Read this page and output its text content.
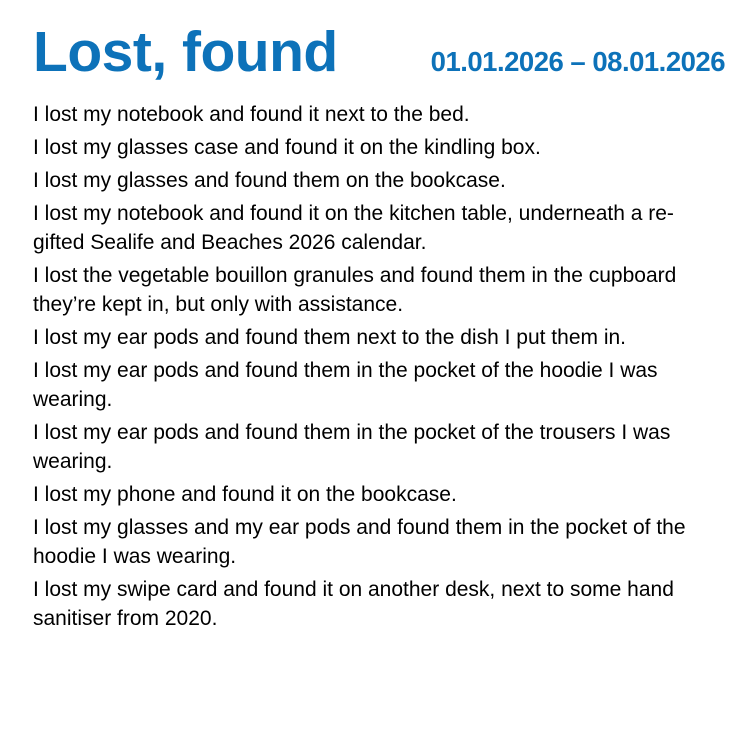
Lost, found	01.01.2026 – 08.01.2026

I lost my notebook and found it next to the bed.

I lost my glasses case and found it on the kindling box.

I lost my glasses and found them on the bookcase.

I lost my notebook and found it on the kitchen table, underneath a re-gifted Sealife and Beaches 2026 calendar.

I lost the vegetable bouillon granules and found them in the cupboard they’re kept in, but only with assistance.

I lost my ear pods and found them next to the dish I put them in.

I lost my ear pods and found them in the pocket of the hoodie I was wearing.

I lost my ear pods and found them in the pocket of the trousers I was wearing.

I lost my phone and found it on the bookcase.

I lost my glasses and my ear pods and found them in the pocket of the hoodie I was wearing.

I lost my swipe card and found it on another desk, next to some hand sanitiser from 2020.
